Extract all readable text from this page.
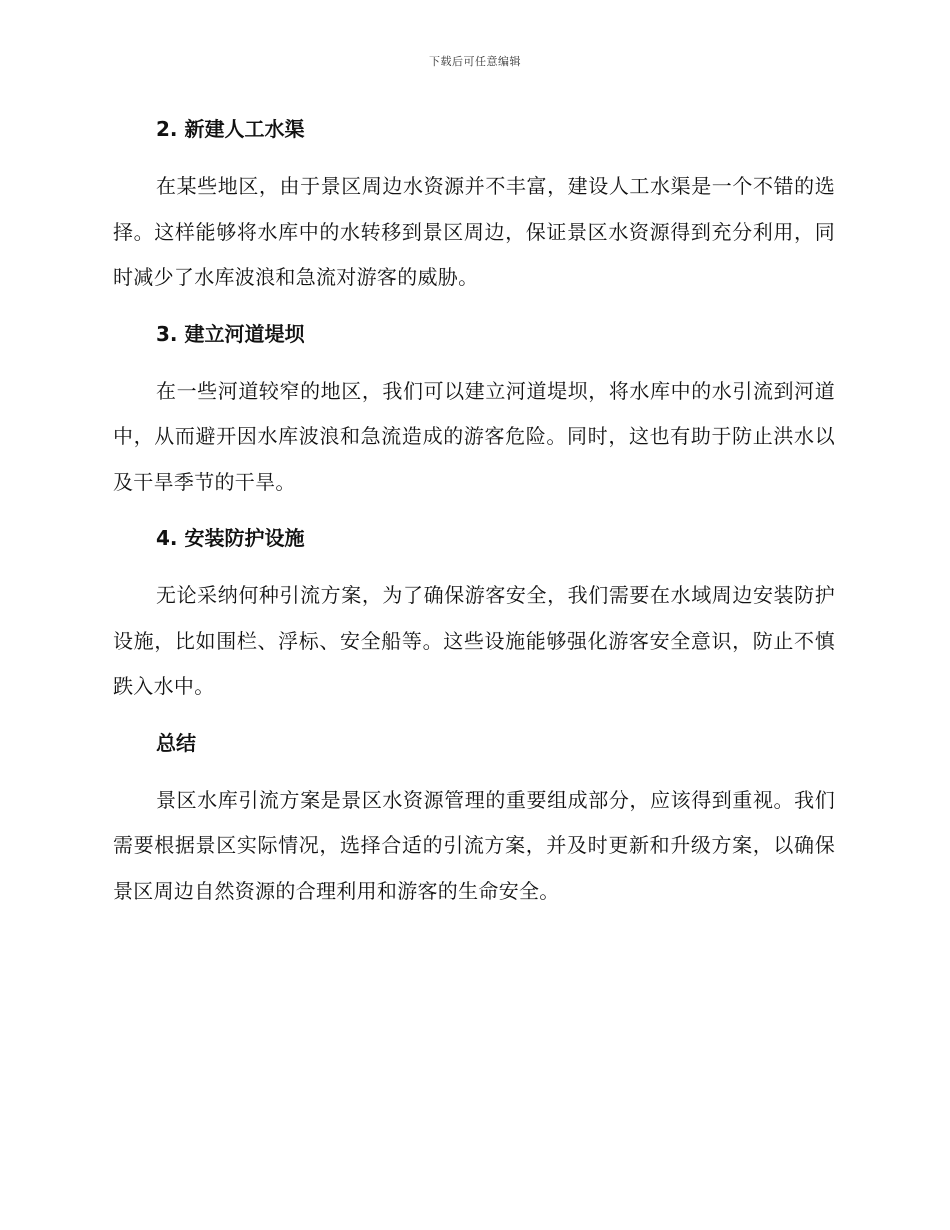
下载后可任意编辑
2. 新建人工水渠

在某些地区，由于景区周边水资源并不丰富，建设人工水渠是一个不错的选择。这样能够将水库中的水转移到景区周边，保证景区水资源得到充分利用，同时减少了水库波浪和急流对游客的威胁。

3. 建立河道堤坝

在一些河道较窄的地区，我们可以建立河道堤坝，将水库中的水引流到河道中，从而避开因水库波浪和急流造成的游客危险。同时，这也有助于防止洪水以及干旱季节的干旱。

4. 安装防护设施

无论采纳何种引流方案，为了确保游客安全，我们需要在水域周边安装防护设施，比如围栏、浮标、安全船等。这些设施能够强化游客安全意识，防止不慎跌入水中。

总结

景区水库引流方案是景区水资源管理的重要组成部分，应该得到重视。我们需要根据景区实际情况，选择合适的引流方案，并及时更新和升级方案，以确保景区周边自然资源的合理利用和游客的生命安全。
